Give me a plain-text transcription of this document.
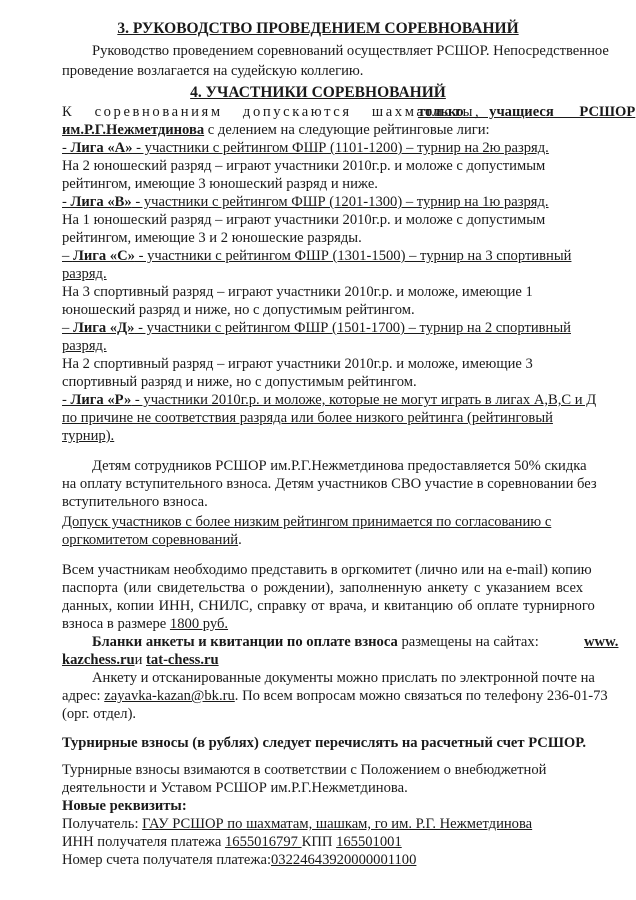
3. РУКОВОДСТВО ПРОВЕДЕНИЕМ СОРЕВНОВАНИЙ
Руководство проведением соревнований осуществляет РСШОР. Непосредственное
проведение возлагается на судейскую коллегию.
4. УЧАСТНИКИ СОРЕВНОВАНИЙ
К соревнованиям допускаются шахматисты,
только учащиеся РСШОР
им.Р.Г.Нежметдинова с делением на следующие рейтинговые лиги:
- Лига «А» - участники с рейтингом ФШР (1101-1200) – турнир на 2ю разряд.
На 2 юношеский разряд – играют участники 2010г.р. и моложе с допустимым
рейтингом, имеющие 3 юношеский разряд и ниже.
- Лига «В» - участники с рейтингом ФШР (1201-1300) – турнир на 1ю разряд.
На 1 юношеский разряд – играют участники 2010г.р. и моложе с допустимым
рейтингом, имеющие 3 и 2 юношеские разряды.
– Лига «С» - участники с рейтингом ФШР (1301-1500) – турнир на 3 спортивный
разряд.
На 3 спортивный разряд – играют участники 2010г.р. и моложе, имеющие 1
юношеский разряд и ниже, но с допустимым рейтингом.
– Лига «Д» - участники с рейтингом ФШР (1501-1700) – турнир на 2 спортивный
разряд.
На 2 спортивный разряд – играют участники 2010г.р. и моложе, имеющие 3
спортивный разряд и ниже, но с допустимым рейтингом.
- Лига «Р» - участники 2010г.р. и моложе, которые не могут играть в лигах А,В,С и Д
по причине не соответствия разряда или более низкого рейтинга (рейтинговый
турнир).
Детям сотрудников РСШОР им.Р.Г.Нежметдинова предоставляется 50% скидка
на оплату вступительного взноса. Детям участников СВО участие в соревновании без
вступительного взноса.
Допуск участников с более низким рейтингом принимается по согласованию с
оргкомитетом соревнований.
Всем участникам необходимо представить в оргкомитет (лично или на e-mail) копию
паспорта (или свидетельства о рождении), заполненную анкету с указанием всех
данных, копии ИНН, СНИЛС, справку от врача, и квитанцию об оплате турнирного
взноса в размере 1800 руб.
Бланки анкеты и квитанции по оплате взноса размещены на сайтах:	www.
kazchess.ruи tat-chess.ru
Анкету и отсканированные документы можно прислать по электронной почте на
адрес: zayavka-kazan@bk.ru. По всем вопросам можно связаться по телефону 236-01-73
(орг. отдел).
Турнирные взносы (в рублях) следует перечислять на расчетный счет РСШОР.
Турнирные взносы взимаются в соответствии с Положением о внебюджетной
деятельности и Уставом РСШОР им.Р.Г.Нежметдинова.
Новые реквизиты:
Получатель: ГАУ РСШОР по шахматам, шашкам, го им. Р.Г. Нежметдинова
ИНН получателя платежа 1655016797 КПП 165501001
Номер счета получателя платежа:03224643920000001100
